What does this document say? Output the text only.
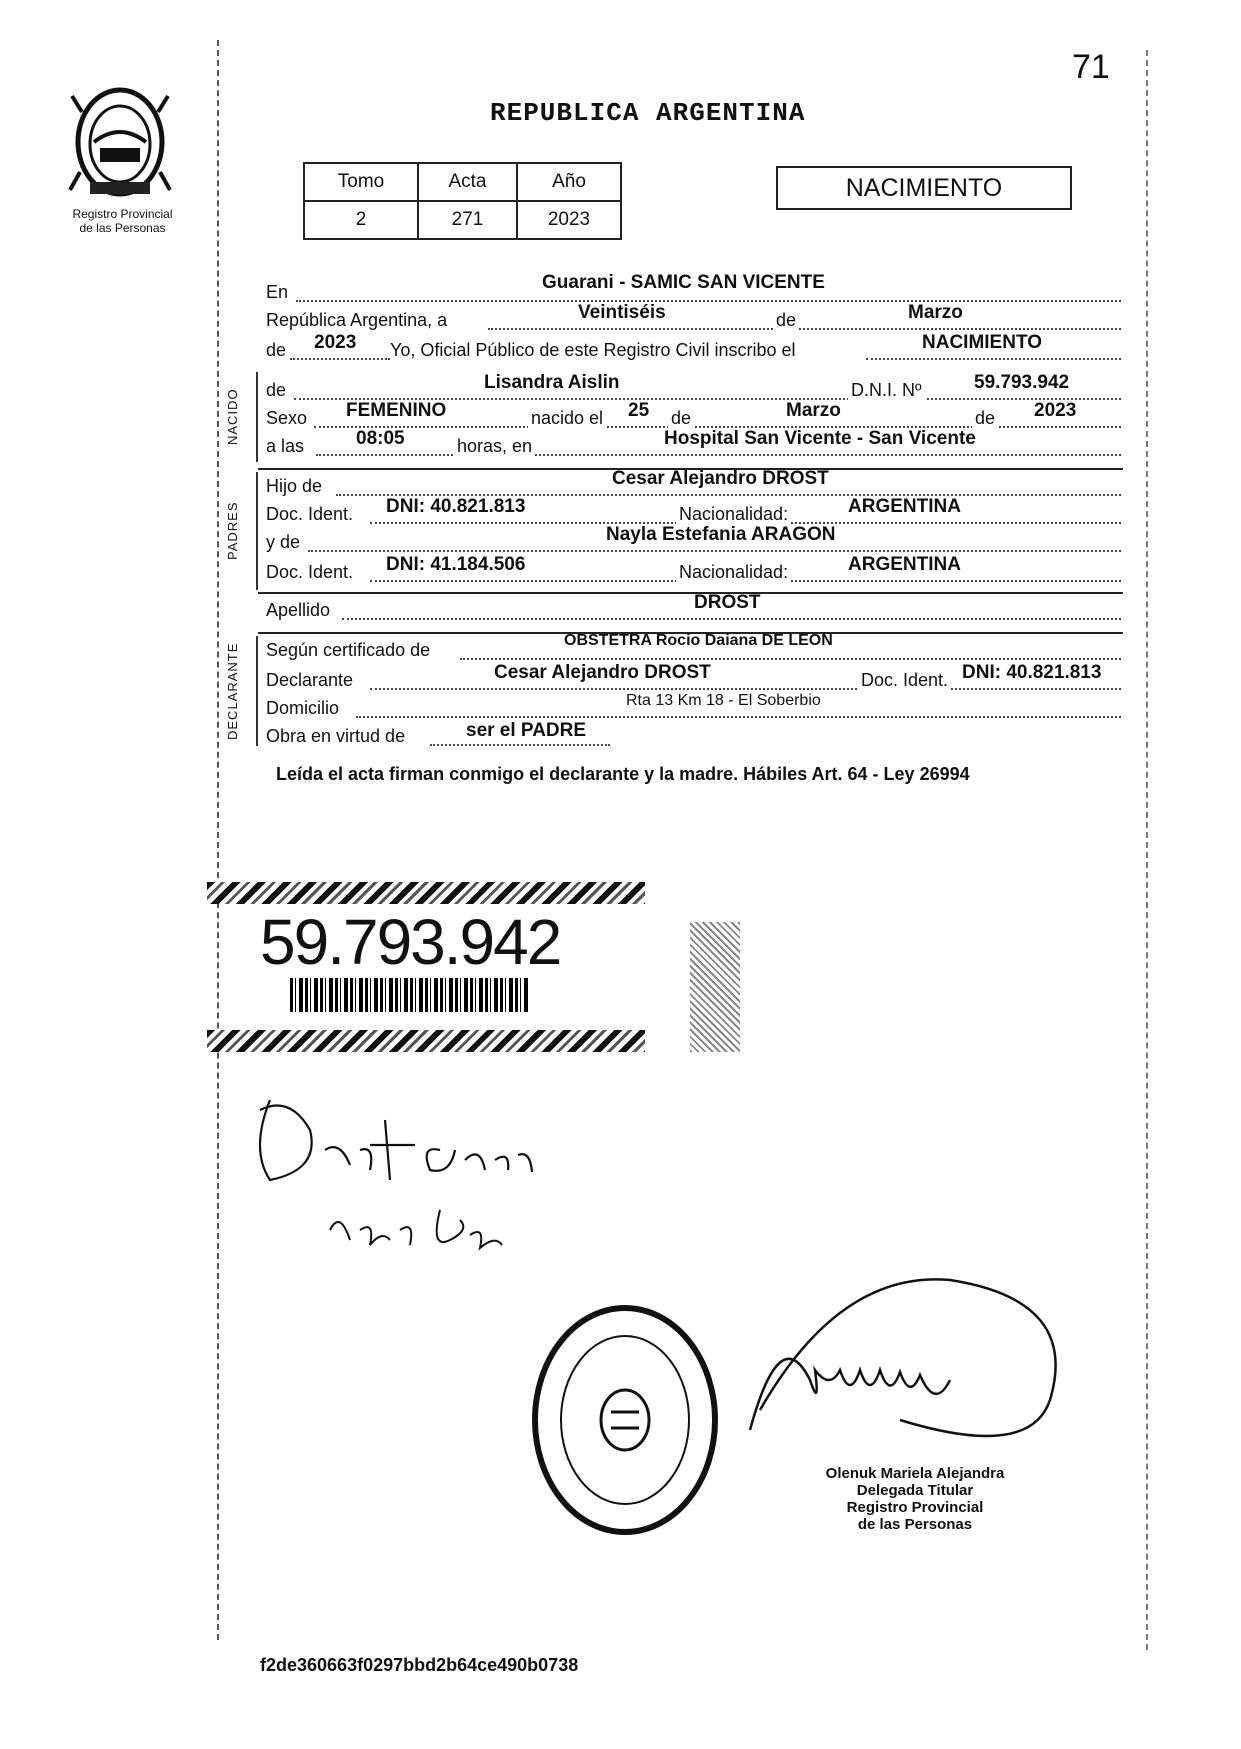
71
REPUBLICA ARGENTINA
Registro Provincial
de las Personas
Tomo	Acta	Año
2	271	2023
NACIMIENTO
En	Guarani - SAMIC SAN VICENTE
República Argentina, a	Veintiséis	de	Marzo
de 2023 Yo, Oficial Público de este Registro Civil inscribo el	NACIMIENTO
NACIDO	de	Lisandra Aislin	D.N.I. Nº	59.793.942
Sexo FEMENINO	nacido el 25 de	Marzo	de 2023
a las	08:05	horas, en	Hospital San Vicente - San Vicente
PADRES
Hijo de	Cesar Alejandro DROST
Doc. Ident. DNI: 40.821.813	Nacionalidad:	ARGENTINA
y de	Nayla Estefania ARAGON
Doc. Ident. DNI: 41.184.506	Nacionalidad:	ARGENTINA
Apellido	DROST
DECLARANTE	Según certificado de	OBSTETRA Rocio Daiana DE LEON
Declarante	Cesar Alejandro DROST	Doc. Ident. DNI: 40.821.813
Domicilio	Rta 13 Km 18 - El Soberbio
Obra en virtud de	ser el PADRE
Leída el acta firman conmigo el declarante y la madre. Hábiles Art. 64 - Ley 26994
59.793.942
Olenuk Mariela Alejandra
Delegada Titular
Registro Provincial
de las Personas
f2de360663f0297bbd2b64ce490b0738
